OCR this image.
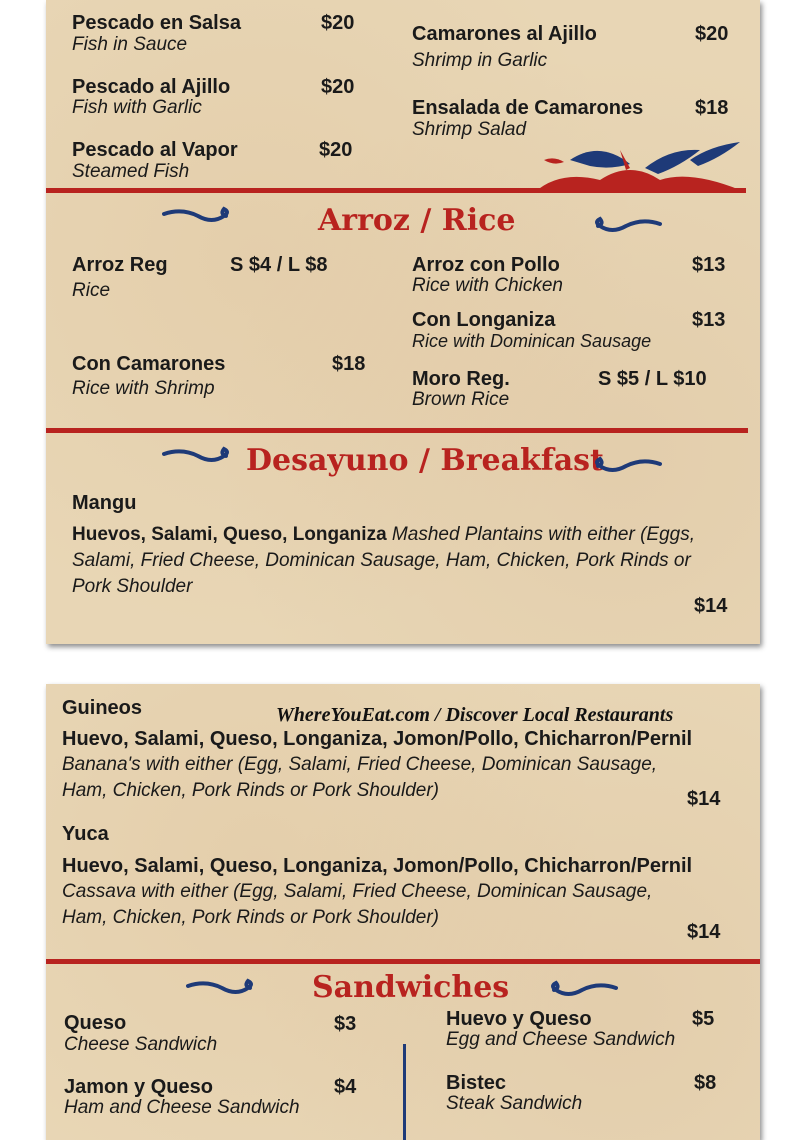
Pescado en Salsa
Fish in Sauce
$20
Pescado al Ajillo
Fish with Garlic
$20
Pescado al Vapor
Steamed Fish
$20
Camarones al Ajillo
Shrimp in Garlic
$20
Ensalada de Camarones
Shrimp Salad
$18
Arroz / Rice
Arroz Reg
Rice
S $4 / L $8
Con Camarones
Rice with Shrimp
$18
Arroz con Pollo
Rice with Chicken
$13
Con Longaniza
Rice with Dominican Sausage
$13
Moro Reg.
Brown Rice
S $5 / L $10
Desayuno / Breakfast
Mangu
Huevos, Salami, Queso, Longaniza Mashed Plantains with either (Eggs,
Salami, Fried Cheese, Dominican Sausage, Ham, Chicken, Pork Rinds or
Pork Shoulder
$14
Guineos	WhereYouEat.com / Discover Local Restaurants
Huevo, Salami, Queso, Longaniza, Jomon/Pollo, Chicharron/Pernil
Banana's with either (Egg, Salami, Fried Cheese, Dominican Sausage,
Ham, Chicken, Pork Rinds or Pork Shoulder)	$14
Yuca
Huevo, Salami, Queso, Longaniza, Jomon/Pollo, Chicharron/Pernil
Cassava with either (Egg, Salami, Fried Cheese, Dominican Sausage,
Ham, Chicken, Pork Rinds or Pork Shoulder)
$14
Sandwiches
Queso
Cheese Sandwich
$3
Jamon y Queso
Ham and Cheese Sandwich
$4
Huevo y Queso
Egg and Cheese Sandwich
$5
Bistec
Steak Sandwich
$8
